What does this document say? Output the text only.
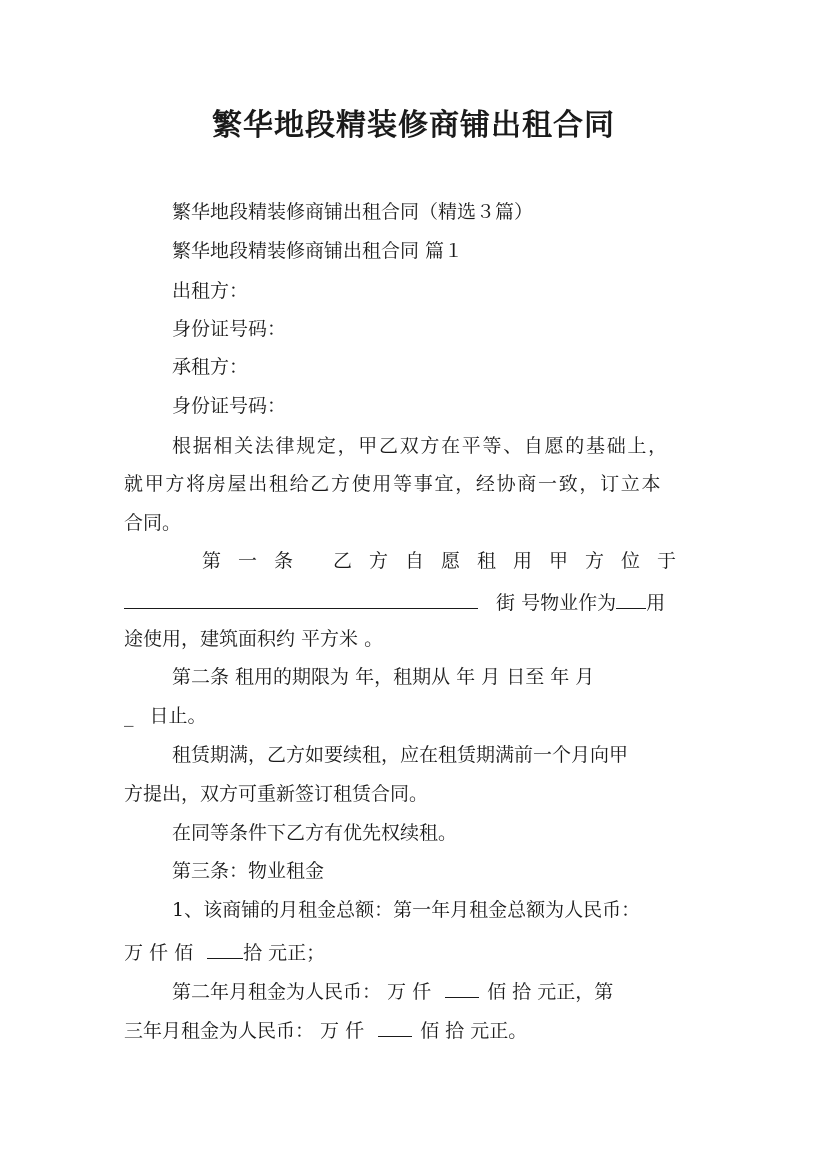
繁华地段精装修商铺出租合同
繁华地段精装修商铺出租合同（精选３篇）
繁华地段精装修商铺出租合同 篇１
出租方：
身份证号码：
承租方：
身份证号码：
根据相关法律规定，甲乙双方在平等、自愿的基础上，
就甲方将房屋出租给乙方使用等事宜，经协商一致，订立本
合同。
第一条 乙方自愿租用甲方位于
街 号物业作为 用
途使用，建筑面积约 平方米 。
第二条 租用的期限为 年，租期从 年 月 日至 年 月
_ 日止。
租赁期满，乙方如要续租，应在租赁期满前一个月向甲
方提出，双方可重新签订租赁合同。
在同等条件下乙方有优先权续租。
第三条：物业租金
1、该商铺的月租金总额：第一年月租金总额为人民币：
万 仟 佰	拾 元正；
第二年月租金为人民币： 万 仟	佰 拾 元正，第
三年月租金为人民币： 万 仟	佰 拾 元正。
